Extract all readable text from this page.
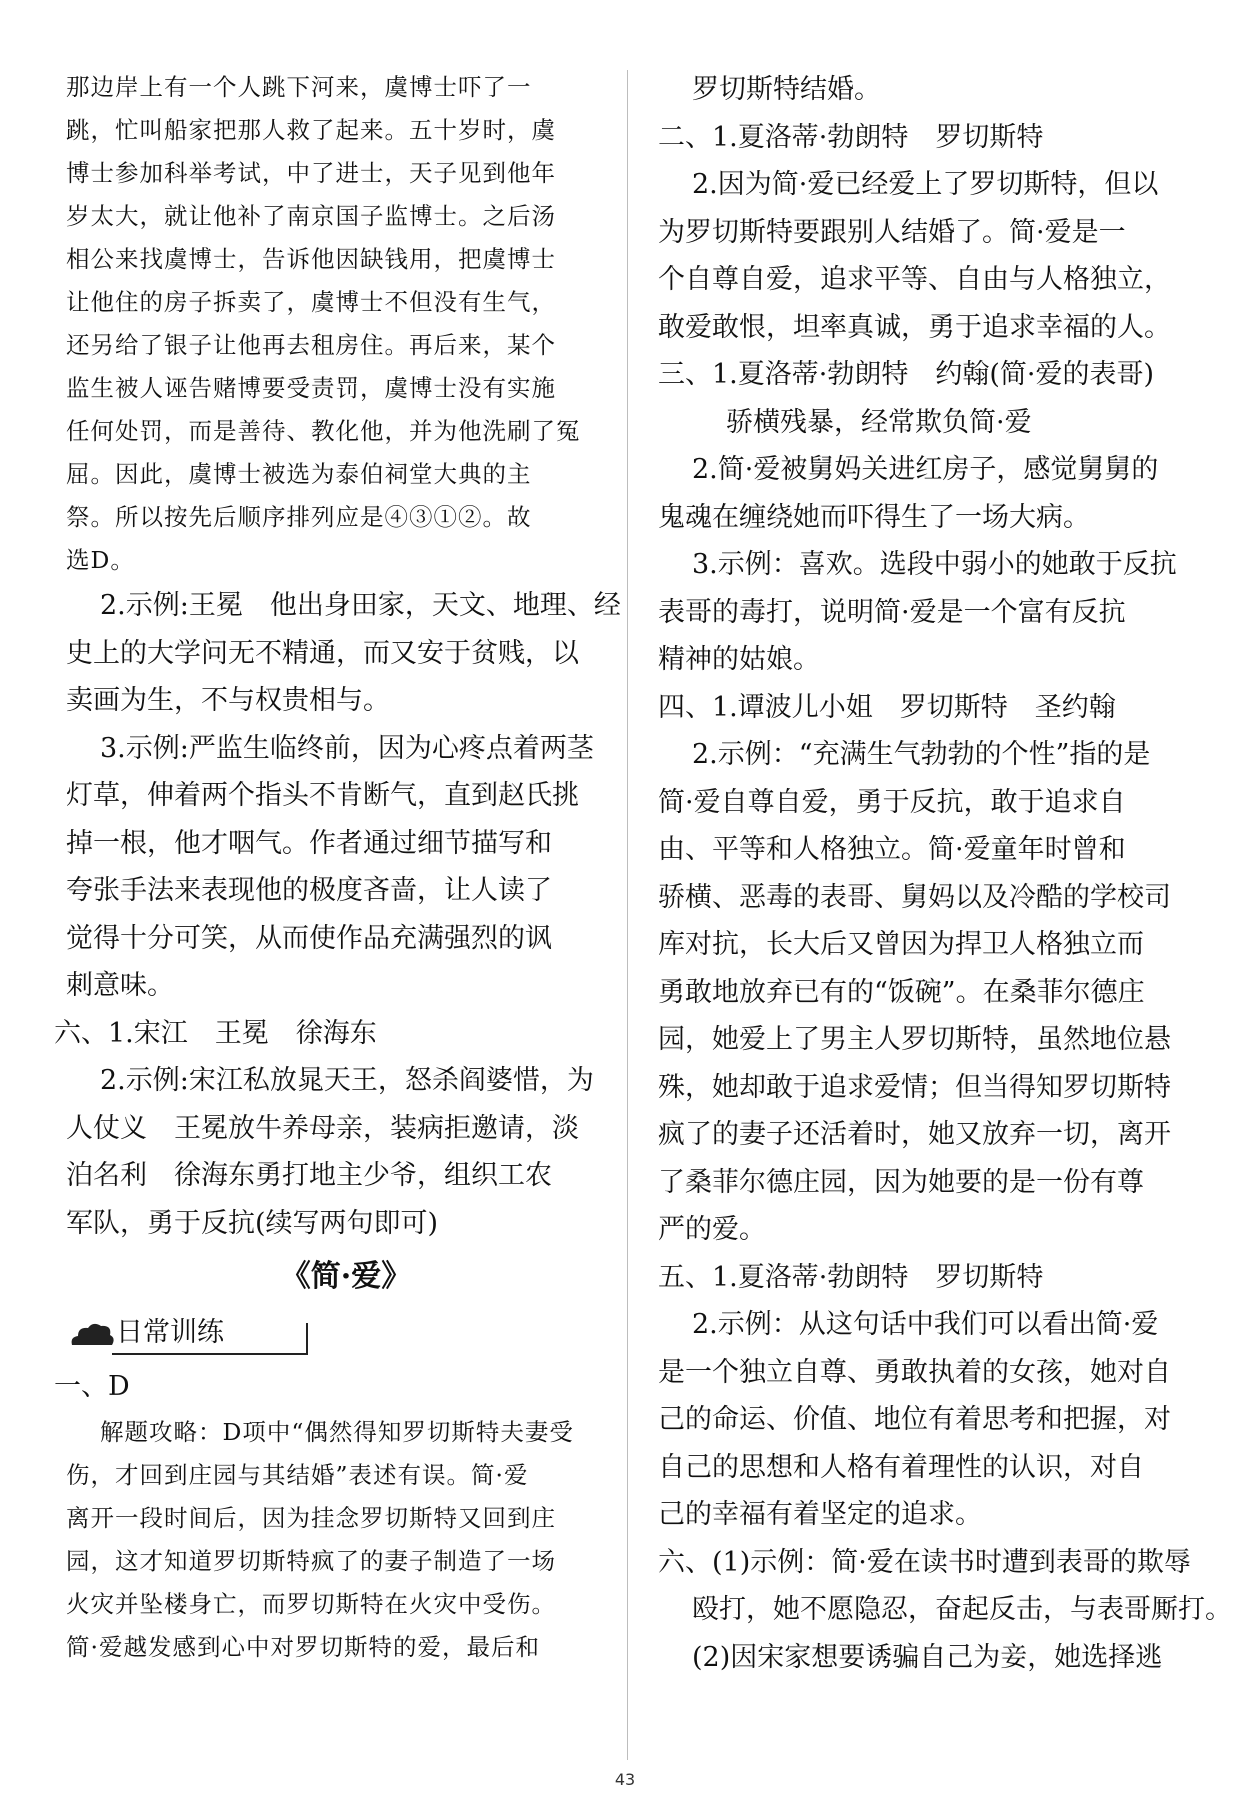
那边岸上有一个人跳下河来，虞博士吓了一
跳，忙叫船家把那人救了起来。五十岁时，虞
博士参加科举考试，中了进士，天子见到他年
岁太大，就让他补了南京国子监博士。之后汤
相公来找虞博士，告诉他因缺钱用，把虞博士
让他住的房子拆卖了，虞博士不但没有生气，
还另给了银子让他再去租房住。再后来，某个
监生被人诬告赌博要受责罚，虞博士没有实施
任何处罚，而是善待、教化他，并为他洗刷了冤
屈。因此，虞博士被选为泰伯祠堂大典的主
祭。所以按先后顺序排列应是④③①②。故
选D。
2.示例:王冕　他出身田家，天文、地理、经
史上的大学问无不精通，而又安于贫贱，以
卖画为生，不与权贵相与。
3.示例:严监生临终前，因为心疼点着两茎
灯草，伸着两个指头不肯断气，直到赵氏挑
掉一根，他才咽气。作者通过细节描写和
夸张手法来表现他的极度吝啬，让人读了
觉得十分可笑，从而使作品充满强烈的讽
刺意味。
六、1.宋江　王冕　徐海东
2.示例:宋江私放晁天王，怒杀阎婆惜，为
人仗义　王冕放牛养母亲，装病拒邀请，淡
泊名利　徐海东勇打地主少爷，组织工农
军队，勇于反抗(续写两句即可)
《简·爱》
日常训练
一、D
解题攻略：D项中“偶然得知罗切斯特夫妻受
伤，才回到庄园与其结婚”表述有误。简·爱
离开一段时间后，因为挂念罗切斯特又回到庄
园，这才知道罗切斯特疯了的妻子制造了一场
火灾并坠楼身亡，而罗切斯特在火灾中受伤。
简·爱越发感到心中对罗切斯特的爱，最后和
罗切斯特结婚。
二、1.夏洛蒂·勃朗特　罗切斯特
2.因为简·爱已经爱上了罗切斯特，但以
为罗切斯特要跟别人结婚了。简·爱是一
个自尊自爱，追求平等、自由与人格独立，
敢爱敢恨，坦率真诚，勇于追求幸福的人。
三、1.夏洛蒂·勃朗特　约翰(简·爱的表哥)
骄横残暴，经常欺负简·爱
2.简·爱被舅妈关进红房子，感觉舅舅的
鬼魂在缠绕她而吓得生了一场大病。
3.示例：喜欢。选段中弱小的她敢于反抗
表哥的毒打，说明简·爱是一个富有反抗
精神的姑娘。
四、1.谭波儿小姐　罗切斯特　圣约翰
2.示例：“充满生气勃勃的个性”指的是
简·爱自尊自爱，勇于反抗，敢于追求自
由、平等和人格独立。简·爱童年时曾和
骄横、恶毒的表哥、舅妈以及冷酷的学校司
库对抗，长大后又曾因为捍卫人格独立而
勇敢地放弃已有的“饭碗”。在桑菲尔德庄
园，她爱上了男主人罗切斯特，虽然地位悬
殊，她却敢于追求爱情；但当得知罗切斯特
疯了的妻子还活着时，她又放弃一切，离开
了桑菲尔德庄园，因为她要的是一份有尊
严的爱。
五、1.夏洛蒂·勃朗特　罗切斯特
2.示例：从这句话中我们可以看出简·爱
是一个独立自尊、勇敢执着的女孩，她对自
己的命运、价值、地位有着思考和把握，对
自己的思想和人格有着理性的认识，对自
己的幸福有着坚定的追求。
六、(1)示例：简·爱在读书时遭到表哥的欺辱
殴打，她不愿隐忍，奋起反击，与表哥厮打。
(2)因宋家想要诱骗自己为妾，她选择逃
43
